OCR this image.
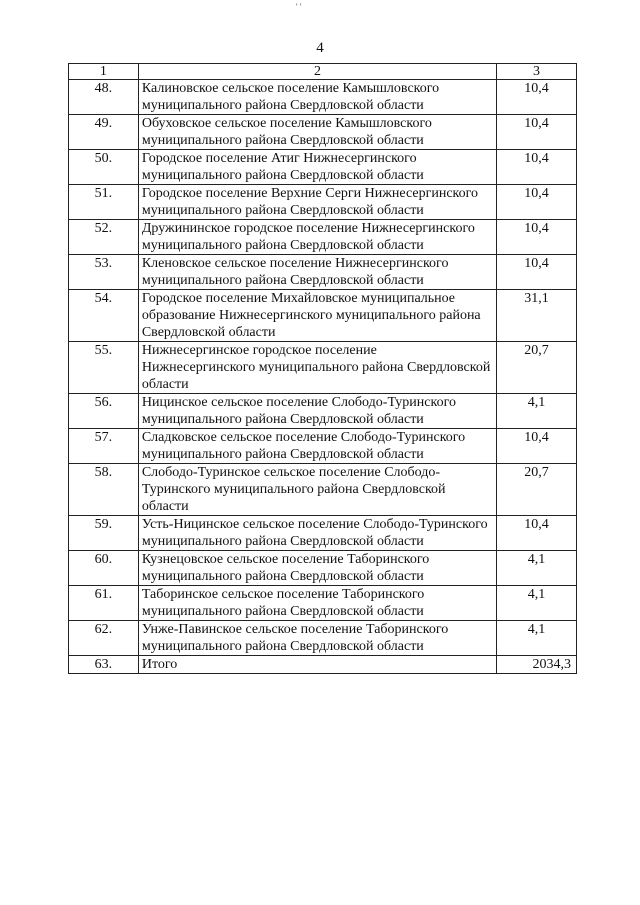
' '
4
1	2	3
48.	Калиновское сельское поселение Камышловского муниципального района Свердловской области	10,4
49.	Обуховское сельское поселение Камышловского муниципального района Свердловской области	10,4
50.	Городское поселение Атиг Нижнесергинского муниципального района Свердловской области	10,4
51.	Городское поселение Верхние Серги Нижнесергинского муниципального района Свердловской области	10,4
52.	Дружининское городское поселение Нижнесергинского муниципального района Свердловской области	10,4
53.	Кленовское сельское поселение Нижнесергинского муниципального района Свердловской области	10,4
54.	Городское поселение Михайловское муниципальное образование Нижнесергинского муниципального района Свердловской области	31,1
55.	Нижнесергинское городское поселение Нижнесергинского муниципального района Свердловской области	20,7
56.	Ницинское сельское поселение Слободо-Туринского муниципального района Свердловской области	4,1
57.	Сладковское сельское поселение Слободо-Туринского муниципального района Свердловской области	10,4
58.	Слободо-Туринское сельское поселение Слободо-Туринского муниципального района Свердловской области	20,7
59.	Усть-Ницинское сельское поселение Слободо-Туринского муниципального района Свердловской области	10,4
60.	Кузнецовское сельское поселение Таборинского муниципального района Свердловской области	4,1
61.	Таборинское сельское поселение Таборинского муниципального района Свердловской области	4,1
62.	Унже-Павинское сельское поселение Таборинского муниципального района Свердловской области	4,1
63.	Итого	2034,3
